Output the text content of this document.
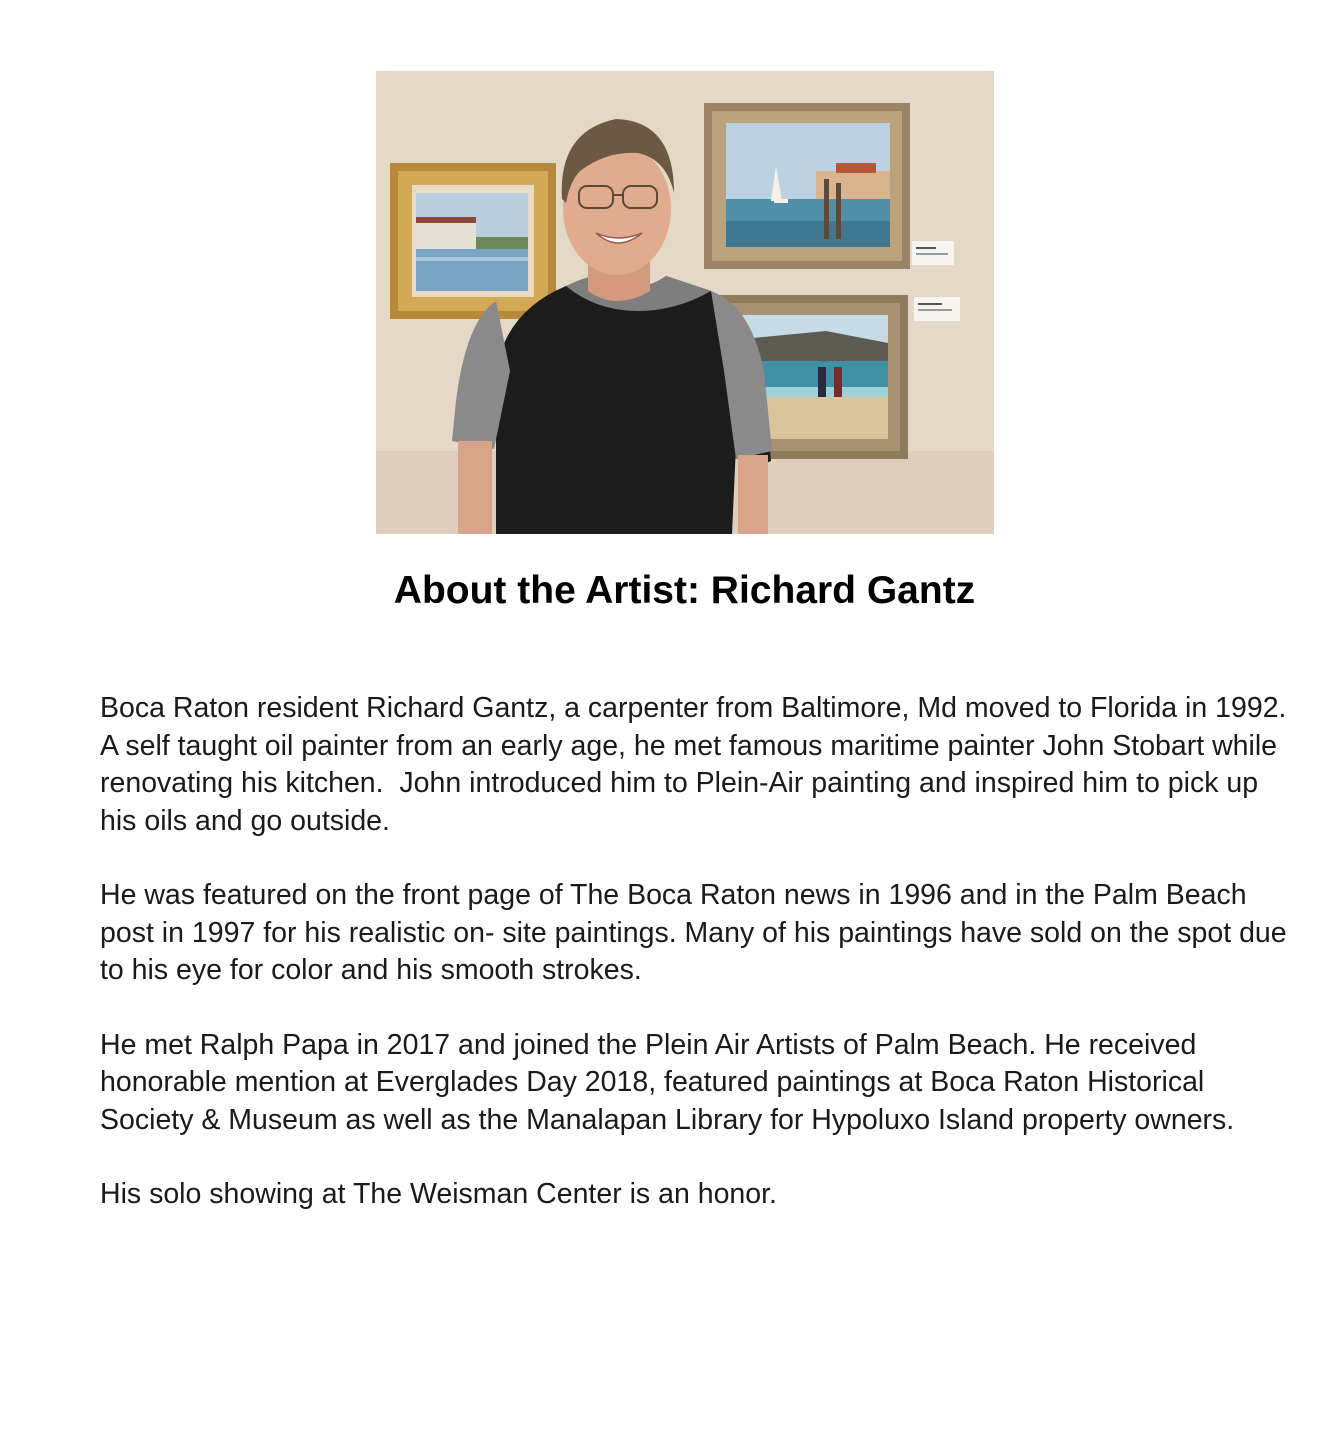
About the Artist: Richard Gantz

Boca Raton resident Richard Gantz, a carpenter from Baltimore, Md moved to Florida in 1992.  A self taught oil painter from an early age, he met famous maritime painter John Stobart while renovating his kitchen.  John introduced him to Plein-Air painting and inspired him to pick up his oils and go outside.

He was featured on the front page of The Boca Raton news in 1996 and in the Palm Beach post in 1997 for his realistic on- site paintings. Many of his paintings have sold on the spot due to his eye for color and his smooth strokes.

He met Ralph Papa in 2017 and joined the Plein Air Artists of Palm Beach. He received honorable mention at Everglades Day 2018, featured paintings at Boca Raton Historical Society & Museum as well as the Manalapan Library for Hypoluxo Island property owners.

His solo showing at The Weisman Center is an honor.
